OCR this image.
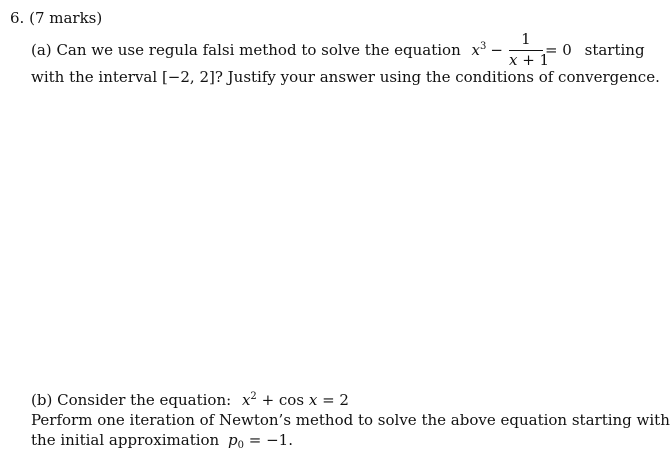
6. (7 marks)
(a) Can we use regula falsi method to solve the equation $x^3 - \frac{1}{x + 1} = 0$ starting
with the interval [−2, 2]? Justify your answer using the conditions of convergence.
(b) Consider the equation: $x^2 + \cos x = 2$
Perform one iteration of Newton’s method to solve the above equation starting with
the initial approximation $p_0 = -1$.
